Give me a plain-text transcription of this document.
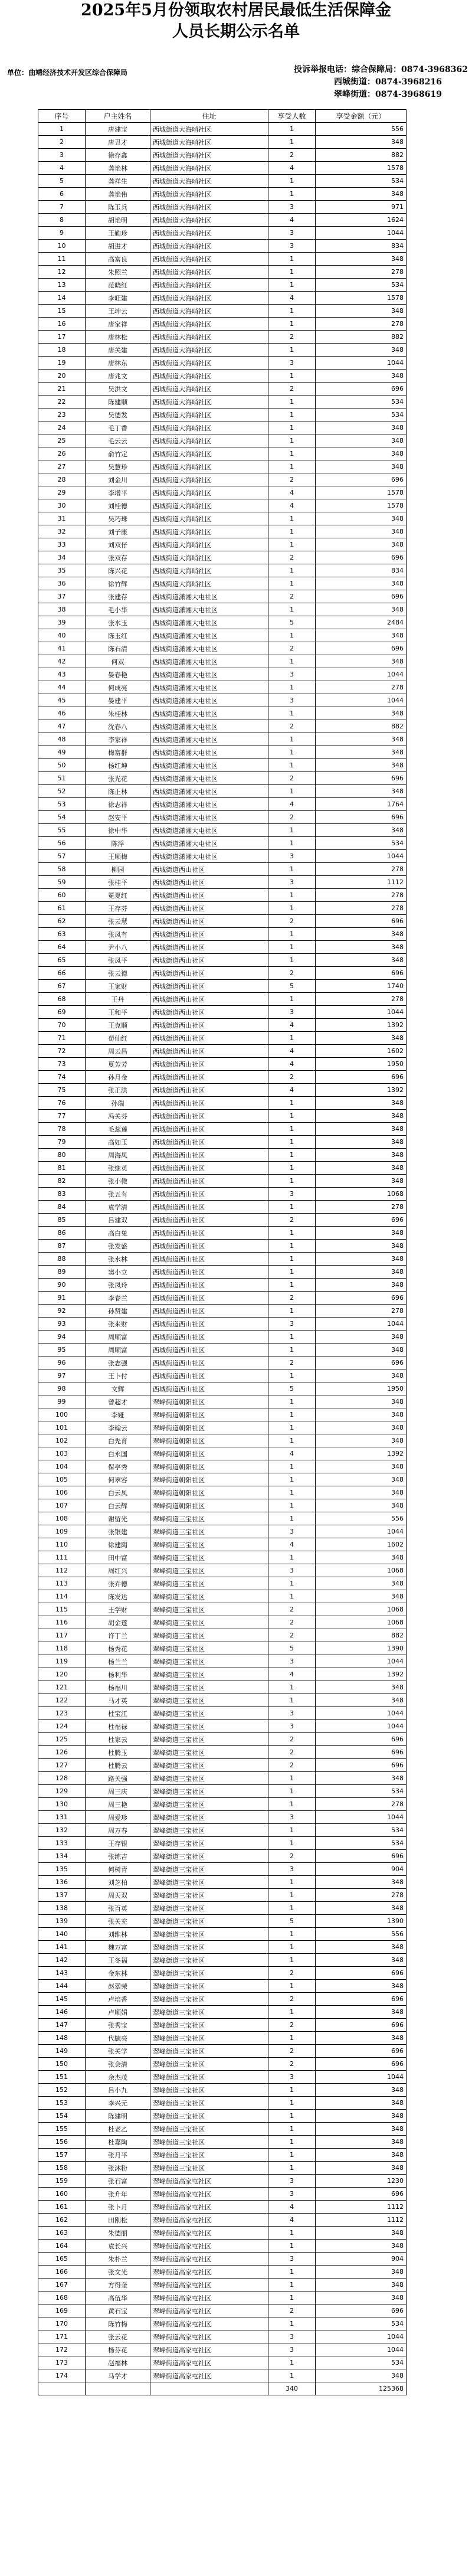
2025年5月份领取农村居民最低生活保障金
人员长期公示名单
单位：曲靖经济技术开发区综合保障局	投诉举报电话：综合保障局：0874-3968362
西城街道：0874-3968216
翠峰街道：0874-3968619
序号	户主姓名	住址	享受人数	享受金额（元）
1	唐建宝	西城街道大海哨社区	1	556
2	唐丑才	西城街道大海哨社区	1	348
3	徐存鑫	西城街道大海哨社区	2	882
4	龚艳林	西城街道大海哨社区	4	1578
5	龚祥生	西城街道大海哨社区	1	534
6	龚艳伟	西城街道大海哨社区	1	348
7	陈玉兵	西城街道大海哨社区	3	971
8	胡艳明	西城街道大海哨社区	4	1624
9	王勤珍	西城街道大海哨社区	3	1044
10	胡进才	西城街道大海哨社区	3	834
11	高富良	西城街道大海哨社区	1	348
12	朱照兰	西城街道大海哨社区	1	278
13	范晓红	西城街道大海哨社区	1	534
14	李旺建	西城街道大海哨社区	4	1578
15	王坤云	西城街道大海哨社区	1	348
16	唐家祥	西城街道大海哨社区	1	278
17	唐林松	西城街道大海哨社区	2	882
18	唐关建	西城街道大海哨社区	1	348
19	唐林东	西城街道大海哨社区	3	1044
20	唐兆文	西城街道大海哨社区	1	348
21	吴洪文	西城街道大海哨社区	2	696
22	陈建顺	西城街道大海哨社区	1	534
23	吴德发	西城街道大海哨社区	1	534
24	毛丁香	西城街道大海哨社区	1	348
25	毛云云	西城街道大海哨社区	1	348
26	俞竹定	西城街道大海哨社区	1	348
27	吴慧珍	西城街道大海哨社区	1	348
28	刘金川	西城街道大海哨社区	2	696
29	李增平	西城街道大海哨社区	4	1578
30	刘桂德	西城街道大海哨社区	4	1578
31	吴巧珠	西城街道大海哨社区	1	348
32	刘子康	西城街道大海哨社区	1	348
33	刘双仔	西城街道大海哨社区	1	348
34	张双存	西城街道大海哨社区	2	696
35	陈兴花	西城街道大海哨社区	1	834
36	徐竹辉	西城街道大海哨社区	1	348
37	张建存	西城街道潇湘大屯社区	2	696
38	毛小华	西城街道潇湘大屯社区	1	348
39	张水玉	西城街道潇湘大屯社区	5	2484
40	陈玉红	西城街道潇湘大屯社区	1	348
41	陈石清	西城街道潇湘大屯社区	2	696
42	何双	西城街道潇湘大屯社区	1	348
43	晏春艳	西城街道潇湘大屯社区	3	1044
44	何成亮	西城街道潇湘大屯社区	1	278
45	晏建平	西城街道潇湘大屯社区	3	1044
46	朱桂林	西城街道潇湘大屯社区	1	348
47	沈春八	西城街道潇湘大屯社区	2	882
48	李家祥	西城街道潇湘大屯社区	1	348
49	梅富群	西城街道潇湘大屯社区	1	348
50	杨红坤	西城街道潇湘大屯社区	1	348
51	张光花	西城街道潇湘大屯社区	2	696
52	陈正林	西城街道潇湘大屯社区	1	348
53	徐志祥	西城街道潇湘大屯社区	4	1764
54	赵安平	西城街道潇湘大屯社区	2	696
55	徐中华	西城街道潇湘大屯社区	1	348
56	陈浮	西城街道潇湘大屯社区	1	534
57	王顺梅	西城街道潇湘大屯社区	3	1044
58	柳园	西城街道西山社区	1	278
59	张桂平	西城街道西山社区	3	1112
60	冕夏红	西城街道西山社区	1	278
61	王存芬	西城街道西山社区	1	278
62	张云慧	西城街道西山社区	2	696
63	张凤有	西城街道西山社区	1	348
64	尹小八	西城街道西山社区	1	348
65	张凤平	西城街道西山社区	1	348
66	张云德	西城街道西山社区	2	696
67	王家财	西城街道西山社区	5	1740
68	王丹	西城街道西山社区	1	278
69	王和平	西城街道西山社区	3	1044
70	王克顺	西城街道西山社区	4	1392
71	荀仙红	西城街道西山社区	1	348
72	周云昌	西城街道西山社区	4	1602
73	夏芳芳	西城街道西山社区	4	1950
74	孙月金	西城街道西山社区	2	696
75	张正洪	西城街道西山社区	4	1392
76	孙瑞	西城街道西山社区	1	348
77	冯关芬	西城街道西山社区	1	348
78	毛蕊莲	西城街道西山社区	1	348
79	高如玉	西城街道西山社区	1	348
80	周海凤	西城街道西山社区	1	348
81	张继英	西城街道西山社区	1	348
82	张小微	西城街道西山社区	1	348
83	张五有	西城街道西山社区	3	1068
84	袁学清	西城街道西山社区	1	278
85	吕建双	西城街道西山社区	2	696
86	高白兔	西城街道西山社区	1	348
87	张发盛	西城街道西山社区	1	348
88	张水林	西城街道西山社区	1	348
89	窦小立	西城街道西山社区	1	348
90	张凤玲	西城街道西山社区	1	348
91	李春兰	西城街道西山社区	2	696
92	孙贤建	西城街道西山社区	1	278
93	张来财	西城街道西山社区	3	1044
94	周顺富	西城街道西山社区	1	348
95	周顺富	西城街道西山社区	1	348
96	张志强	西城街道西山社区	2	696
97	王卜付	西城街道西山社区	1	348
98	文辉	西城街道西山社区	5	1950
99	曾超才	翠峰街道朝阳社区	1	348
100	李娅	翠峰街道朝阳社区	1	348
101	李翰云	翠峰街道朝阳社区	1	348
102	白先育	翠峰街道朝阳社区	1	348
103	白永国	翠峰街道朝阳社区	4	1392
104	保亭秀	翠峰街道朝阳社区	1	348
105	何翠容	翠峰街道朝阳社区	1	348
106	白云凤	翠峰街道朝阳社区	1	348
107	白云辉	翠峰街道朝阳社区	1	348
108	谢留光	翠峰街道三宝社区	1	556
109	张银建	翠峰街道三宝社区	3	1044
110	徐建陶	翠峰街道三宝社区	4	1602
111	田中富	翠峰街道三宝社区	1	348
112	周红兴	翠峰街道三宝社区	3	1068
113	张乔德	翠峰街道三宝社区	1	348
114	陈发达	翠峰街道三宝社区	1	348
115	王学财	翠峰街道三宝社区	2	1068
116	胡金莲	翠峰街道三宝社区	2	1068
117	许丁兰	翠峰街道三宝社区	2	882
118	杨秀花	翠峰街道三宝社区	5	1390
119	杨兰兰	翠峰街道三宝社区	3	1044
120	杨利华	翠峰街道三宝社区	4	1392
121	杨福川	翠峰街道三宝社区	1	348
122	马才英	翠峰街道三宝社区	1	348
123	杜宝江	翠峰街道三宝社区	3	1044
124	杜福禄	翠峰街道三宝社区	3	1044
125	杜家云	翠峰街道三宝社区	2	696
126	杜腾玉	翠峰街道三宝社区	2	696
127	杜腾云	翠峰街道三宝社区	2	696
128	路关强	翠峰街道三宝社区	1	348
129	周三庆	翠峰街道三宝社区	1	534
130	周三艳	翠峰街道三宝社区	1	278
131	周爱珍	翠峰街道三宝社区	3	1044
132	周万春	翠峰街道三宝社区	1	534
133	王存银	翠峰街道三宝社区	1	534
134	张练吉	翠峰街道三宝社区	2	696
135	何树青	翠峰街道三宝社区	3	904
136	刘芝柏	翠峰街道三宝社区	1	348
137	周天双	翠峰街道三宝社区	1	278
138	张百英	翠峰街道三宝社区	1	348
139	张关充	翠峰街道三宝社区	5	1390
140	刘维林	翠峰街道三宝社区	1	556
141	魏万富	翠峰街道三宝社区	1	348
142	王冬福	翠峰街道三宝社区	1	348
143	金东林	翠峰街道三宝社区	2	696
144	赵翠荣	翠峰街道三宝社区	1	348
145	卢培香	翠峰街道三宝社区	2	696
146	卢顺娟	翠峰街道三宝社区	1	348
147	张秀宝	翠峰街道三宝社区	2	696
148	代毓亮	翠峰街道三宝社区	1	348
149	张关学	翠峰街道三宝社区	2	696
150	张会清	翠峰街道三宝社区	2	696
151	余杰茂	翠峰街道三宝社区	3	1044
152	吕小九	翠峰街道三宝社区	1	348
153	李兴元	翠峰街道三宝社区	1	348
154	陈建明	翠峰街道三宝社区	1	348
155	杜老乙	翠峰街道三宝社区	1	348
156	杜嘉陶	翠峰街道三宝社区	1	348
157	张月平	翠峰街道三宝社区	1	348
158	张沐粉	翠峰街道三宝社区	1	348
159	张石富	翠峰街道高家屯社区	3	1230
160	张升年	翠峰街道高家屯社区	3	696
161	张卜月	翠峰街道高家屯社区	4	1112
162	田刚松	翠峰街道高家屯社区	4	1112
163	朱德丽	翠峰街道高家屯社区	1	348
164	袁长兴	翠峰街道高家屯社区	1	348
165	朱朴兰	翠峰街道高家屯社区	3	904
166	张文光	翠峰街道高家屯社区	1	348
167	方得奎	翠峰街道高家屯社区	1	348
168	高伍华	翠峰街道高家屯社区	1	348
169	黄石宝	翠峰街道高家屯社区	2	696
170	陈竹梅	翠峰街道高家屯社区	1	534
171	张云花	翠峰街道高家屯社区	3	1044
172	杨芬花	翠峰街道高家屯社区	3	1044
173	赵福林	翠峰街道高家屯社区	1	534
174	马学才	翠峰街道高家屯社区	1	348
			340	125368
